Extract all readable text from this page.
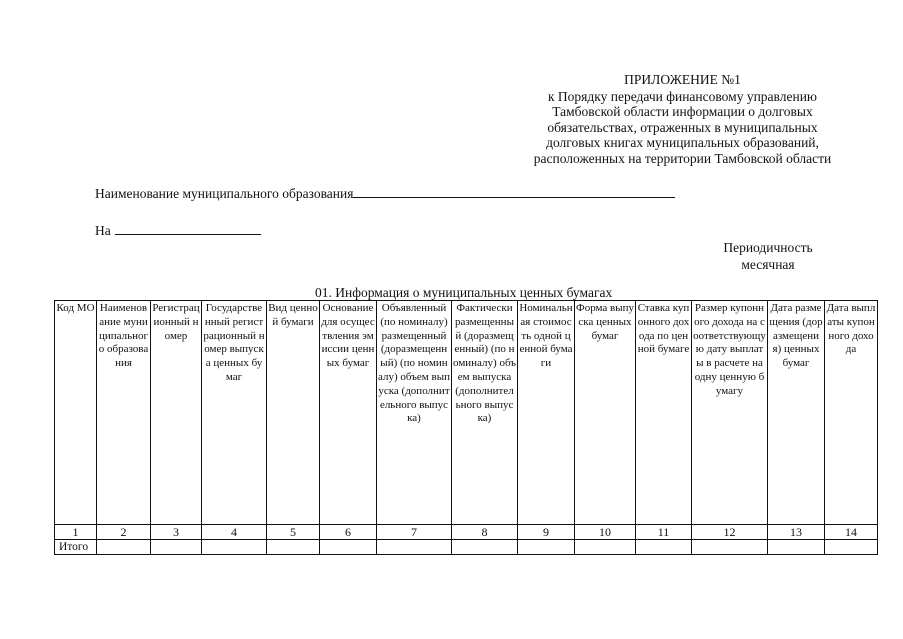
ПРИЛОЖЕНИЕ №1
к Порядку передачи финансовому управлению
Тамбовской области информации о долговых
обязательствах, отраженных в муниципальных
долговых книгах муниципальных образований,
расположенных на территории Тамбовской области
Наименование муниципального образования
На
Периодичность
месячная
01. Информация о муниципальных ценных бумагах
Код МО	Наименование муниципального образования	Регистрационный номер	Государственный регистрационный номер выпуска ценных бумаг	Вид ценной бумаги	Основание для осуществления эмиссии ценных бумаг	Объявленный (по номиналу) размещенный (доразмещенный) (по номиналу) объем выпуска (дополнительного выпуска)	Фактически размещенный (доразмещенный) (по номиналу) объем выпуска (дополнительного выпуска)	Номинальная стоимость одной ценной бумаги	Форма выпуска ценных бумаг	Ставка купонного дохода по ценной бумаге	Размер купонного дохода на соответствующую дату выплаты в расчете на одну ценную бумагу	Дата размещения (доразмещения) ценных бумаг	Дата выплаты купонного дохода
1	2	3	4	5	6	7	8	9	10	11	12	13	14
Итого													
